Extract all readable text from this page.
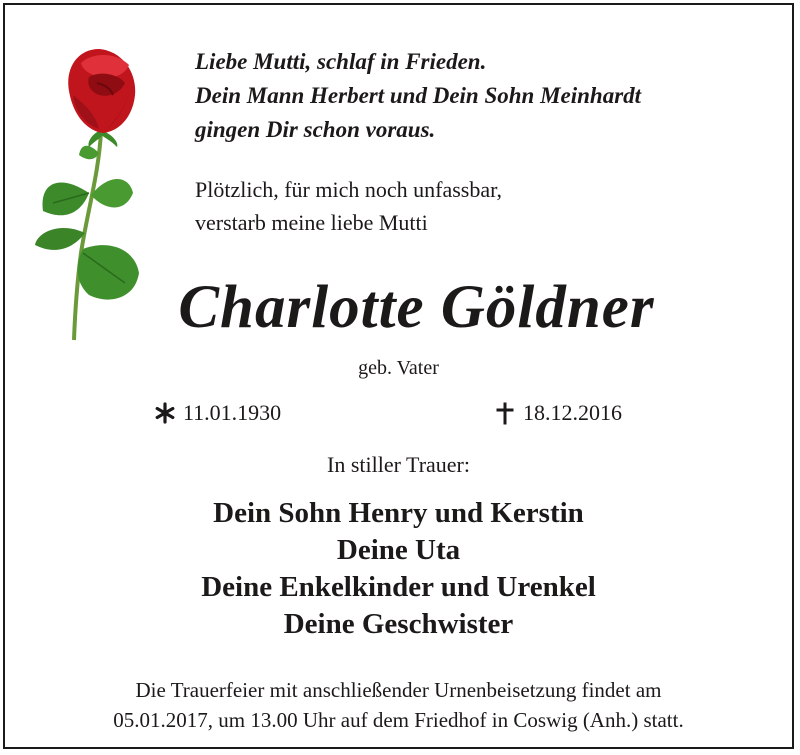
Liebe Mutti, schlaf in Frieden.
Dein Mann Herbert und Dein Sohn Meinhardt
gingen Dir schon voraus.
Plötzlich, für mich noch unfassbar,
verstarb meine liebe Mutti
Charlotte Göldner
geb. Vater
11.01.1930	18.12.2016
In stiller Trauer:
Dein Sohn Henry und Kerstin
Deine Uta
Deine Enkelkinder und Urenkel
Deine Geschwister
Die Trauerfeier mit anschließender Urnenbeisetzung findet am
05.01.2017, um 13.00 Uhr auf dem Friedhof in Coswig (Anh.) statt.
